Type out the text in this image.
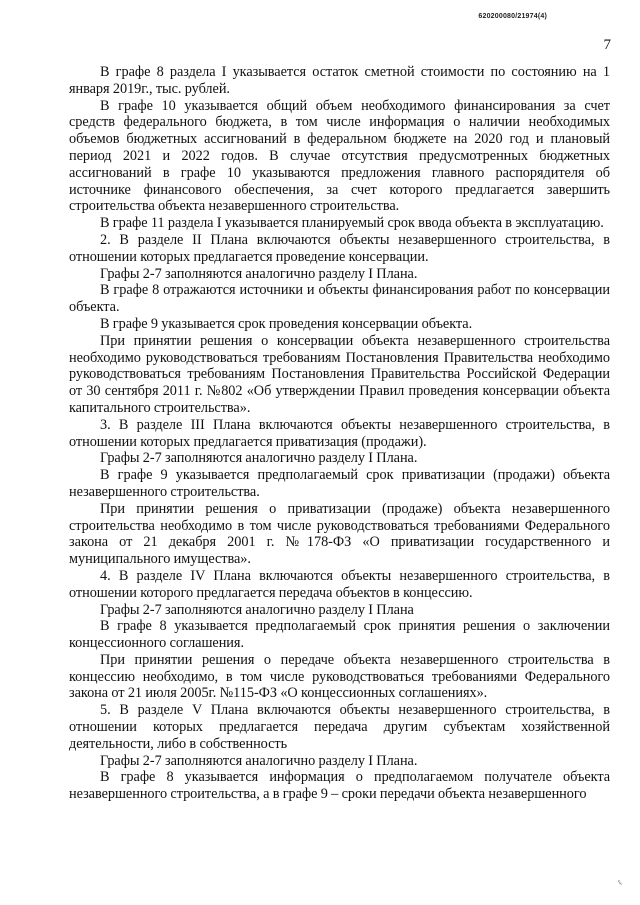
620200080/21974(4)
7

В графе 8 раздела I указывается остаток сметной стоимости по состоянию на 1 января 2019г., тыс. рублей.

В графе 10 указывается общий объем необходимого финансирования за счет средств федерального бюджета, в том числе информация о наличии необходимых объемов бюджетных ассигнований в федеральном бюджете на 2020 год и плановый период 2021 и 2022 годов. В случае отсутствия предусмотренных бюджетных ассигнований в графе 10 указываются предложения главного распорядителя об источнике финансового обеспечения, за счет которого предлагается завершить строительства объекта незавершенного строительства.

В графе 11 раздела I указывается планируемый срок ввода объекта в эксплуатацию.

2. В разделе II Плана включаются объекты незавершенного строительства, в отношении которых предлагается проведение консервации.

Графы 2-7 заполняются аналогично разделу I Плана.

В графе 8 отражаются источники и объекты финансирования работ по консервации объекта.

В графе 9 указывается срок проведения консервации объекта.

При принятии решения о консервации объекта незавершенного строительства необходимо руководствоваться требованиям Постановления Правительства необходимо руководствоваться требованиям Постановления Правительства Российской Федерации от 30 сентября 2011 г. №802 «Об утверждении Правил проведения консервации объекта капитального строительства».

3. В разделе III Плана включаются объекты незавершенного строительства, в отношении которых предлагается приватизация (продажи).

Графы 2-7 заполняются аналогично разделу I Плана.

В графе 9 указывается предполагаемый срок приватизации (продажи) объекта незавершенного строительства.

При принятии решения о приватизации (продаже) объекта незавершенного строительства необходимо в том числе руководствоваться требованиями Федерального закона от 21 декабря 2001 г. №178-ФЗ «О приватизации государственного и муниципального имущества».

4. В разделе IV Плана включаются объекты незавершенного строительства, в отношении которого предлагается передача объектов в концессию.

Графы 2-7 заполняются аналогично разделу I Плана

В графе 8 указывается предполагаемый срок принятия решения о заключении концессионного соглашения.

При принятии решения о передаче объекта незавершенного строительства в концессию необходимо, в том числе руководствоваться требованиями Федерального закона от 21 июля 2005г. №115-ФЗ «О концессионных соглашениях».

5. В разделе V Плана включаются объекты незавершенного строительства, в отношении которых предлагается передача другим субъектам хозяйственной деятельности, либо в собственность

Графы 2-7 заполняются аналогично разделу I Плана.

В графе 8 указывается информация о предполагаемом получателе объекта незавершенного строительства, а в графе 9 – сроки передачи объекта незавершенного

ℓ
